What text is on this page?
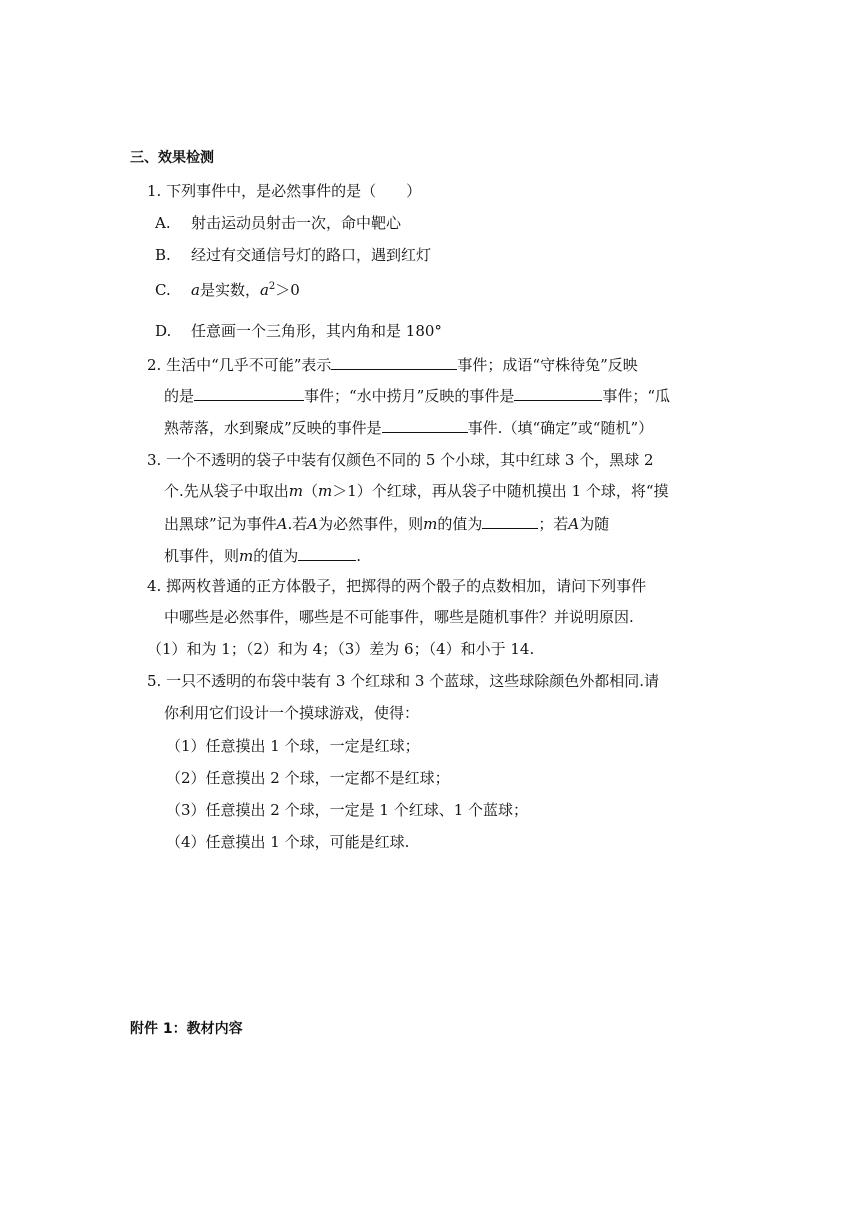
三、效果检测
1. 下列事件中，是必然事件的是（　　）
A. 射击运动员射击一次，命中靶心
B. 经过有交通信号灯的路口，遇到红灯
C. a是实数，$a^2>0$
D. 任意画一个三角形，其内角和是 180°
2. 生活中“几乎不可能”表示	事件；成语“守株待兔”反映
的是	事件；“水中捞月”反映的事件是	事件；“瓜
熟蒂落，水到聚成”反映的事件是	事件.（填“确定”或“随机”）
3. 一个不透明的袋子中装有仅颜色不同的 5 个小球，其中红球 3 个，黑球 2
个.先从袋子中取出m（m＞1）个红球，再从袋子中随机摸出 1 个球，将“摸
出黑球”记为事件A.若A为必然事件，则m的值为	；若A为随
机事件，则m的值为	.
4. 掷两枚普通的正方体骰子，把掷得的两个骰子的点数相加，请问下列事件
中哪些是必然事件，哪些是不可能事件，哪些是随机事件？并说明原因.
（1）和为 1；（2）和为 4；（3）差为 6；（4）和小于 14.
5. 一只不透明的布袋中装有 3 个红球和 3 个蓝球，这些球除颜色外都相同.请
你利用它们设计一个摸球游戏，使得：
（1）任意摸出 1 个球，一定是红球；
（2）任意摸出 2 个球，一定都不是红球；
（3）任意摸出 2 个球，一定是 1 个红球、1 个蓝球；
（4）任意摸出 1 个球，可能是红球.
附件 1：教材内容
